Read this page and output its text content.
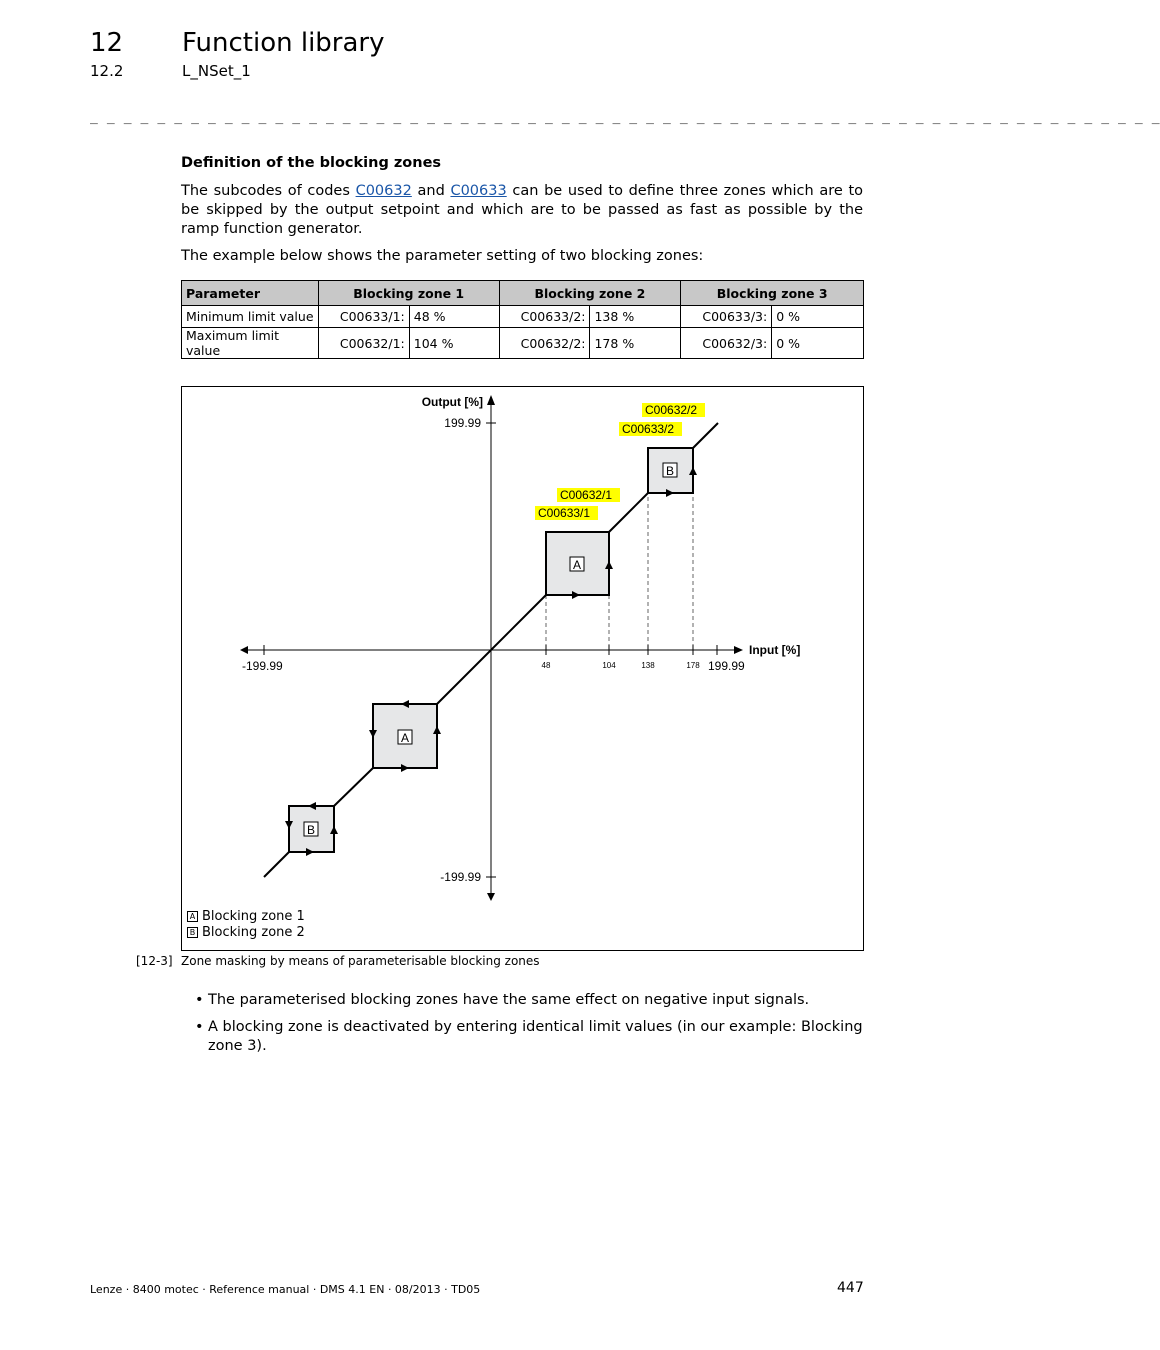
12 Function library
12.2	L_NSet_1
_ _ _ _ _ _ _ _ _ _ _ _ _ _ _ _ _ _ _ _ _ _ _ _ _ _ _ _ _ _ _ _ _ _ _ _ _ _ _ _ _ _ _ _ _ _ _ _ _ _ _ _ _ _ _ _ _ _ _ _ _ _ _ _
Definition of the blocking zones
The subcodes of codes C00632 and C00633 can be used to define three zones which are to be skipped by the output setpoint and which are to be passed as fast as possible by the ramp function generator.
The example below shows the parameter setting of two blocking zones:
Parameter	Blocking zone 1		Blocking zone 2		Blocking zone 3	
Minimum limit value	C00633/1:	48 %	C00633/2:	138 %	C00633/3:	0 %
Maximum limit value	C00632/1:	104 %	C00632/2:	178 %	C00632/3:	0 %
Output [%]
199.99
-199.99
Input [%]
-199.99	199.99
48	104	138	178
A
B
A
B
C00632/2
C00633/2
C00632/1
C00633/1
A Blocking zone 1
B Blocking zone 2
[12-3] Zone masking by means of parameterisable blocking zones
• The parameterised blocking zones have the same effect on negative input signals.
• A blocking zone is deactivated by entering identical limit values (in our example: Blocking zone 3).
Lenze · 8400 motec · Reference manual · DMS 4.1 EN · 08/2013 · TD05	447
